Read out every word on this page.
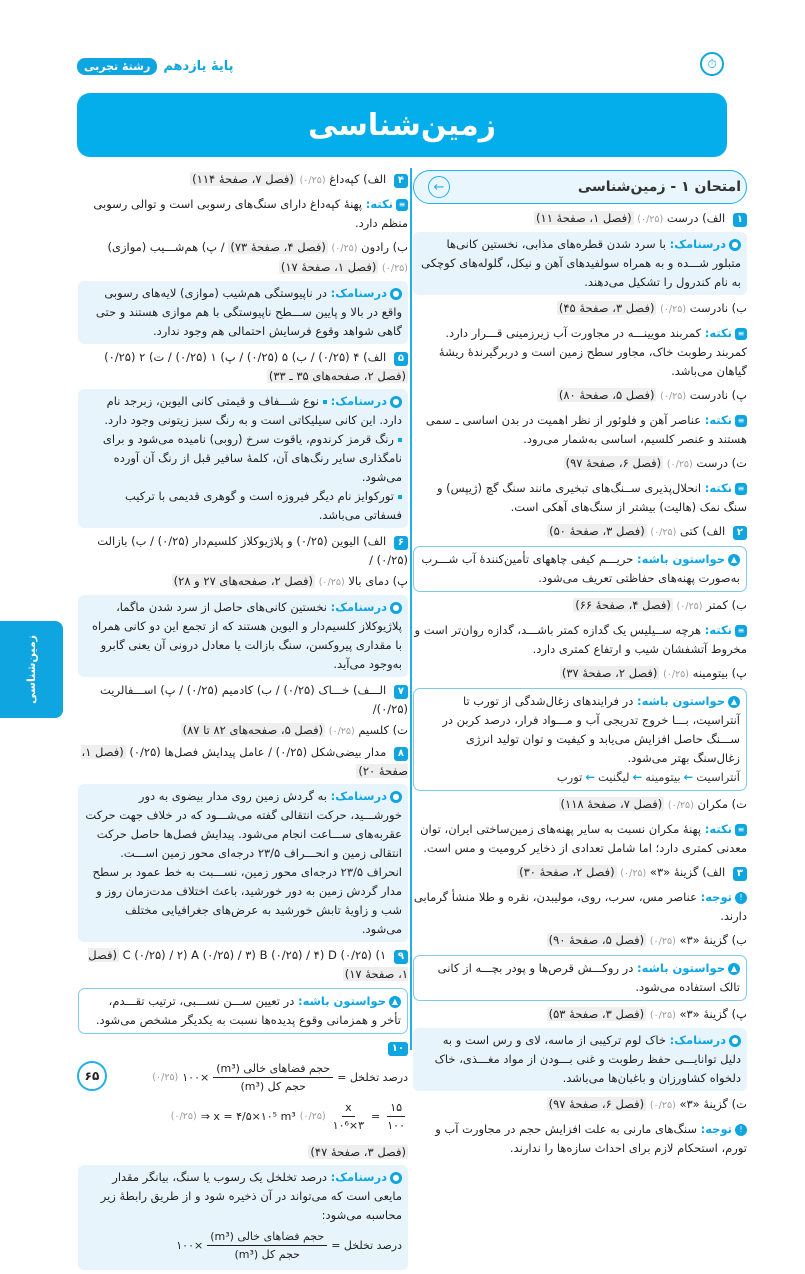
پایهٔ یازدهم
رشتهٔ تجربی	⏱
زمین‌شناسی
زمین‌شناسی
امتحان ۱ - زمین‌شناسی
←
۱ الف) درست (۰/۲۵) (فصل ۱، صفحهٔ ۱۱)
●درسنامک: با سرد شدن قطره‌های مذابی، نخستین کانی‌ها متبلور شـــده و به همراه سولفیدهای آهن و نیکل، گلوله‌های کوچکی به نام کندرول را تشکیل می‌دهند.
ب) نادرست (۰/۲۵) (فصل ۳، صفحهٔ ۴۵)
≡نکته: کمربند مویینـــه در مجاورت آب زیرزمینی قـــرار دارد. کمربند رطوبت خاک، مجاور سطح زمین است و دربرگیرندهٔ ریشهٔ گیاهان می‌باشد.
پ) نادرست (۰/۲۵) (فصل ۵، صفحهٔ ۸۰)
≡نکته: عناصر آهن و فلوئور از نظر اهمیت در بدن اساسی ـ سمی هستند و عنصر کلسیم، اساسی به‌شمار می‌رود.
ت) درست (۰/۲۵) (فصل ۶، صفحهٔ ۹۷)
≡نکته: انحلال‌پذیری ســنگ‌های تبخیری مانند سنگ گچ (ژیپس) و سنگ نمک (هالیت) بیشتر از سنگ‌های آهکی است.
۲ الف) کتی (۰/۲۵) (فصل ۳، صفحهٔ ۵۰)
▲حواستون باشه: حریـــم کیفی چاههای تأمین‌کنندهٔ آب شـــرب به‌صورت پهنه‌های حفاظتی تعریف می‌شود.
ب) کمتر (۰/۲۵) (فصل ۴، صفحهٔ ۶۶)
≡نکته: هرچه ســیلیس یک گدازه کمتر باشـــد، گدازه روان‌تر است و مخروط آتشفشان شیب و ارتفاع کمتری دارد.
پ) بیتومینه (۰/۲۵) (فصل ۲، صفحهٔ ۳۷)
▲حواستون باشه: در فرایندهای زغال‌شدگی از تورب تا آنتراسیت، بـــا خروج تدریجی آب و مـــواد فرار، درصد کربن در ســـنگ حاصل افزایش می‌یابد و کیفیت و توان تولید انرژی زغال‌سنگ بهتر می‌شود.
آنتراسیت←بیتومینه←لیگنیت←تورب
ت) مکران (۰/۲۵) (فصل ۷، صفحهٔ ۱۱۸)
≡نکته: پهنهٔ مکران نسبت به سایر پهنه‌های زمین‌ساختی ایران، توان معدنی کمتری دارد؛ اما شامل تعدادی از ذخایر کرومیت و مس است.
۳ الف) گزینهٔ «۳» (۰/۲۵) (فصل ۲، صفحهٔ ۳۰)
!توجه: عناصر مس، سرب، روی، مولیبدن، نقره و طلا منشأ گرمابی دارند.
ب) گزینهٔ «۳» (۰/۲۵) (فصل ۵، صفحهٔ ۹۰)
▲حواستون باشه: در روکـــش قرص‌ها و پودر بچـــه از کانی تالک استفاده می‌شود.
پ) گزینهٔ «۳» (۰/۲۵) (فصل ۳، صفحهٔ ۵۳)
●درسنامک: خاک لوم ترکیبی از ماسه، لای و رس است و به دلیل توانایـــی حفظ رطوبت و غنی بـــودن از مواد مغـــذی، خاک دلخواه کشاورزان و باغبان‌ها می‌باشد.
ت) گزینهٔ «۳» (۰/۲۵) (فصل ۶، صفحهٔ ۹۷)
!توجه: سنگ‌های مارنی به علت افزایش حجم در مجاورت آب و تورم، استحکام لازم برای احداث سازه‌ها را ندارند.
۴ الف) کپه‌داغ (۰/۲۵) (فصل ۷، صفحهٔ ۱۱۴)
≡نکته: پهنهٔ کپه‌داغ دارای سنگ‌های رسوبی است و توالی رسوبی منظم دارد.
ب) رادون (۰/۲۵) (فصل ۴، صفحهٔ ۷۳) / پ) هم‌شـــیب (موازی) (۰/۲۵) (فصل ۱، صفحهٔ ۱۷)
●درسنامک: در ناپیوستگی هم‌شیب (موازی) لایه‌های رسوبی واقع در بالا و پایین ســـطح ناپیوستگی با هم موازی هستند و حتی گاهی شواهد وقوع فرسایش احتمالی هم وجود ندارد.
۵ الف) ۴ (۰/۲۵) / ب) ۵ (۰/۲۵) / پ) ۱ (۰/۲۵) / ت) ۲ (۰/۲۵) (فصل ۲، صفحه‌های ۳۵ ـ ۳۳)
●درسنامک: نوع شـــفاف و قیمتی کانی الیوین، زبرجد نام دارد. این کانی سیلیکاتی است و به رنگ سبز زیتونی وجود دارد.
رنگ قرمز کرندوم، یاقوت سرخ (روبی) نامیده می‌شود و برای نامگذاری سایر رنگ‌های آن، کلمهٔ سافیر قبل از رنگ آن آورده می‌شود.
تورکوایز نام دیگر فیروزه است و گوهری قدیمی با ترکیب فسفاتی می‌باشد.
۶ الف) الیوین (۰/۲۵) و پلاژیوکلاز کلسیم‌دار (۰/۲۵) / ب) بازالت (۰/۲۵) /
پ) دمای بالا (۰/۲۵) (فصل ۲، صفحه‌های ۲۷ و ۲۸)
●درسنامک: نخستین کانی‌های حاصل از سرد شدن ماگما، پلاژیوکلاز کلسیم‌دار و الیوین هستند که از تجمع این دو کانی همراه با مقداری پیروکسن، سنگ بازالت یا معادل درونی آن یعنی گابرو به‌وجود می‌آید.
۷ الـــف) خـــاک (۰/۲۵) / ب) کادمیم (۰/۲۵) / پ) اســـفالریت (۰/۲۵)/
ت) کلسیم (۰/۲۵) (فصل ۵، صفحه‌های ۸۲ تا ۸۷)
۸ مدار بیضی‌شکل (۰/۲۵) / عامل پیدایش فصل‌ها (۰/۲۵) (فصل ۱، صفحهٔ ۲۰)
●درسنامک: به گردش زمین روی مدار بیضوی به دور خورشـــید، حرکت انتقالی گفته می‌شـــود که در خلاف جهت حرکت عقربه‌های ســـاعت انجام می‌شود. پیدایش فصل‌ها حاصل حرکت انتقالی زمین و انحـــراف ۲۳/۵ درجه‌ای محور زمین اســـت. انحراف ۲۳/۵ درجه‌ای محور زمین، نســـبت به خط عمود بر سطح مدار گردش زمین به دور خورشید، باعث اختلاف مدت‌زمان روز و شب و زاویهٔ تابش خورشید به عرض‌های جغرافیایی مختلف می‌شود.
۹ ۱) C (۰/۲۵) / ۲) A (۰/۲۵) / ۳) B (۰/۲۵) / ۴) D (۰/۲۵) (فصل ۱، صفحهٔ ۱۷)
▲حواستون باشه: در تعیین ســـن نســـبی، ترتیب تقـــدم، تأخر و همزمانی وقوع پدیده‌ها نسبت به یکدیگر مشخص می‌شود.
۱۰
درصد تخلخل =
$\frac{\text{حجم فضاهای خالی (m³)}}{\text{حجم کل (m³)}}$
×۱۰۰
(۰/۲۵)
$\frac{۱۵}{۱۰۰}$
=
$\frac{x}{\text{۳×۱۰⁶}}$
(۰/۲۵)
⇒ x = ۴/۵×۱۰⁵ m³
(۰/۲۵)
(فصل ۳، صفحهٔ ۴۷)
●درسنامک: درصد تخلخل یک رسوب یا سنگ، بیانگر مقدار مایعی است که می‌تواند در آن ذخیره شود و از طریق رابطهٔ زیر محاسبه می‌شود:
درصد تخلخل =
$\frac{\text{حجم فضاهای خالی (m³)}}{\text{حجم کل (m³)}}$
×۱۰۰
۶۵
